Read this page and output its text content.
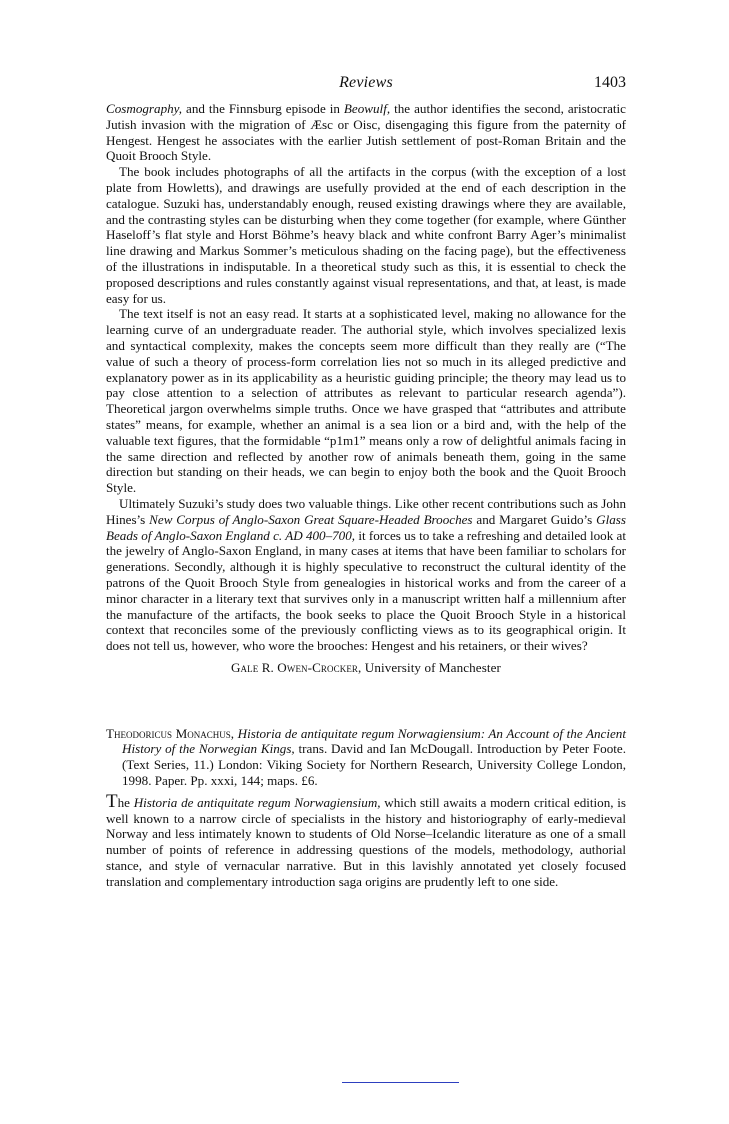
Reviews	1403

Cosmography, and the Finnsburg episode in Beowulf, the author identifies the second, aristocratic Jutish invasion with the migration of Æsc or Oisc, disengaging this figure from the paternity of Hengest. Hengest he associates with the earlier Jutish settlement of post-Roman Britain and the Quoit Brooch Style.

The book includes photographs of all the artifacts in the corpus (with the exception of a lost plate from Howletts), and drawings are usefully provided at the end of each description in the catalogue. Suzuki has, understandably enough, reused existing drawings where they are available, and the contrasting styles can be disturbing when they come together (for example, where Günther Haseloff’s flat style and Horst Böhme’s heavy black and white confront Barry Ager’s minimalist line drawing and Markus Sommer’s meticulous shading on the facing page), but the effectiveness of the illustrations in indisputable. In a theoretical study such as this, it is essential to check the proposed descriptions and rules constantly against visual representations, and that, at least, is made easy for us.

The text itself is not an easy read. It starts at a sophisticated level, making no allowance for the learning curve of an undergraduate reader. The authorial style, which involves specialized lexis and syntactical complexity, makes the concepts seem more difficult than they really are (“The value of such a theory of process-form correlation lies not so much in its alleged predictive and explanatory power as in its applicability as a heuristic guiding principle; the theory may lead us to pay close attention to a selection of attributes as relevant to particular research agenda”). Theoretical jargon overwhelms simple truths. Once we have grasped that “attributes and attribute states” means, for example, whether an animal is a sea lion or a bird and, with the help of the valuable text figures, that the formidable “p1m1” means only a row of delightful animals facing in the same direction and reflected by another row of animals beneath them, going in the same direction but standing on their heads, we can begin to enjoy both the book and the Quoit Brooch Style.

Ultimately Suzuki’s study does two valuable things. Like other recent contributions such as John Hines’s New Corpus of Anglo-Saxon Great Square-Headed Brooches and Margaret Guido’s Glass Beads of Anglo-Saxon England c. AD 400–700, it forces us to take a refreshing and detailed look at the jewelry of Anglo-Saxon England, in many cases at items that have been familiar to scholars for generations. Secondly, although it is highly speculative to reconstruct the cultural identity of the patrons of the Quoit Brooch Style from genealogies in historical works and from the career of a minor character in a literary text that survives only in a manuscript written half a millennium after the manufacture of the artifacts, the book seeks to place the Quoit Brooch Style in a historical context that reconciles some of the previously conflicting views as to its geographical origin. It does not tell us, however, who wore the brooches: Hengest and his retainers, or their wives?

Gale R. Owen-Crocker, University of Manchester

Theodoricus Monachus, Historia de antiquitate regum Norwagiensium: An Account of the Ancient History of the Norwegian Kings, trans. David and Ian McDougall. Introduction by Peter Foote. (Text Series, 11.) London: Viking Society for Northern Research, University College London, 1998. Paper. Pp. xxxi, 144; maps. £6.

The Historia de antiquitate regum Norwagiensium, which still awaits a modern critical edition, is well known to a narrow circle of specialists in the history and historiography of early-medieval Norway and less intimately known to students of Old Norse–Icelandic literature as one of a small number of points of reference in addressing questions of the models, methodology, authorial stance, and style of vernacular narrative. But in this lavishly annotated yet closely focused translation and complementary introduction saga origins are prudently left to one side.
